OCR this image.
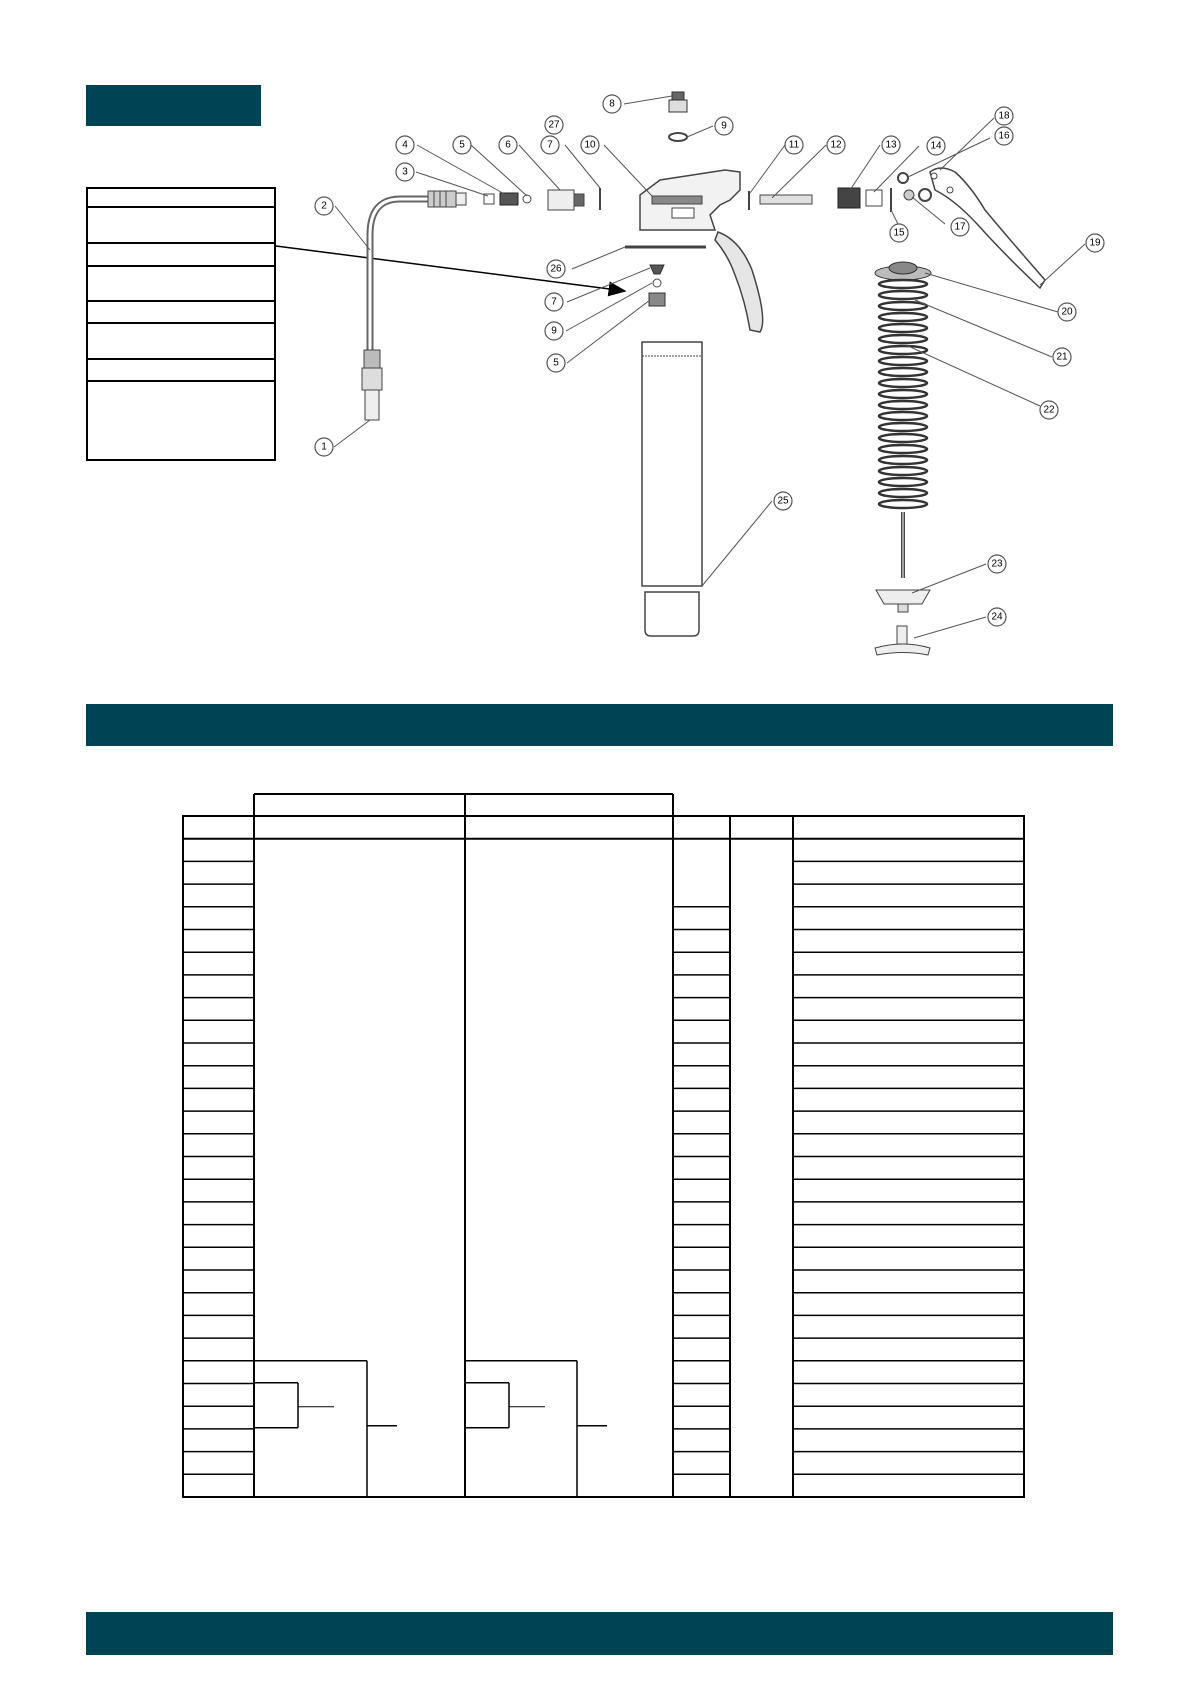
1
2
3
4	5	6	7
8
9
10	11	12	13	14
15
16
17
18
19
20
21
22
23
24
25
26
27
7
9
5
